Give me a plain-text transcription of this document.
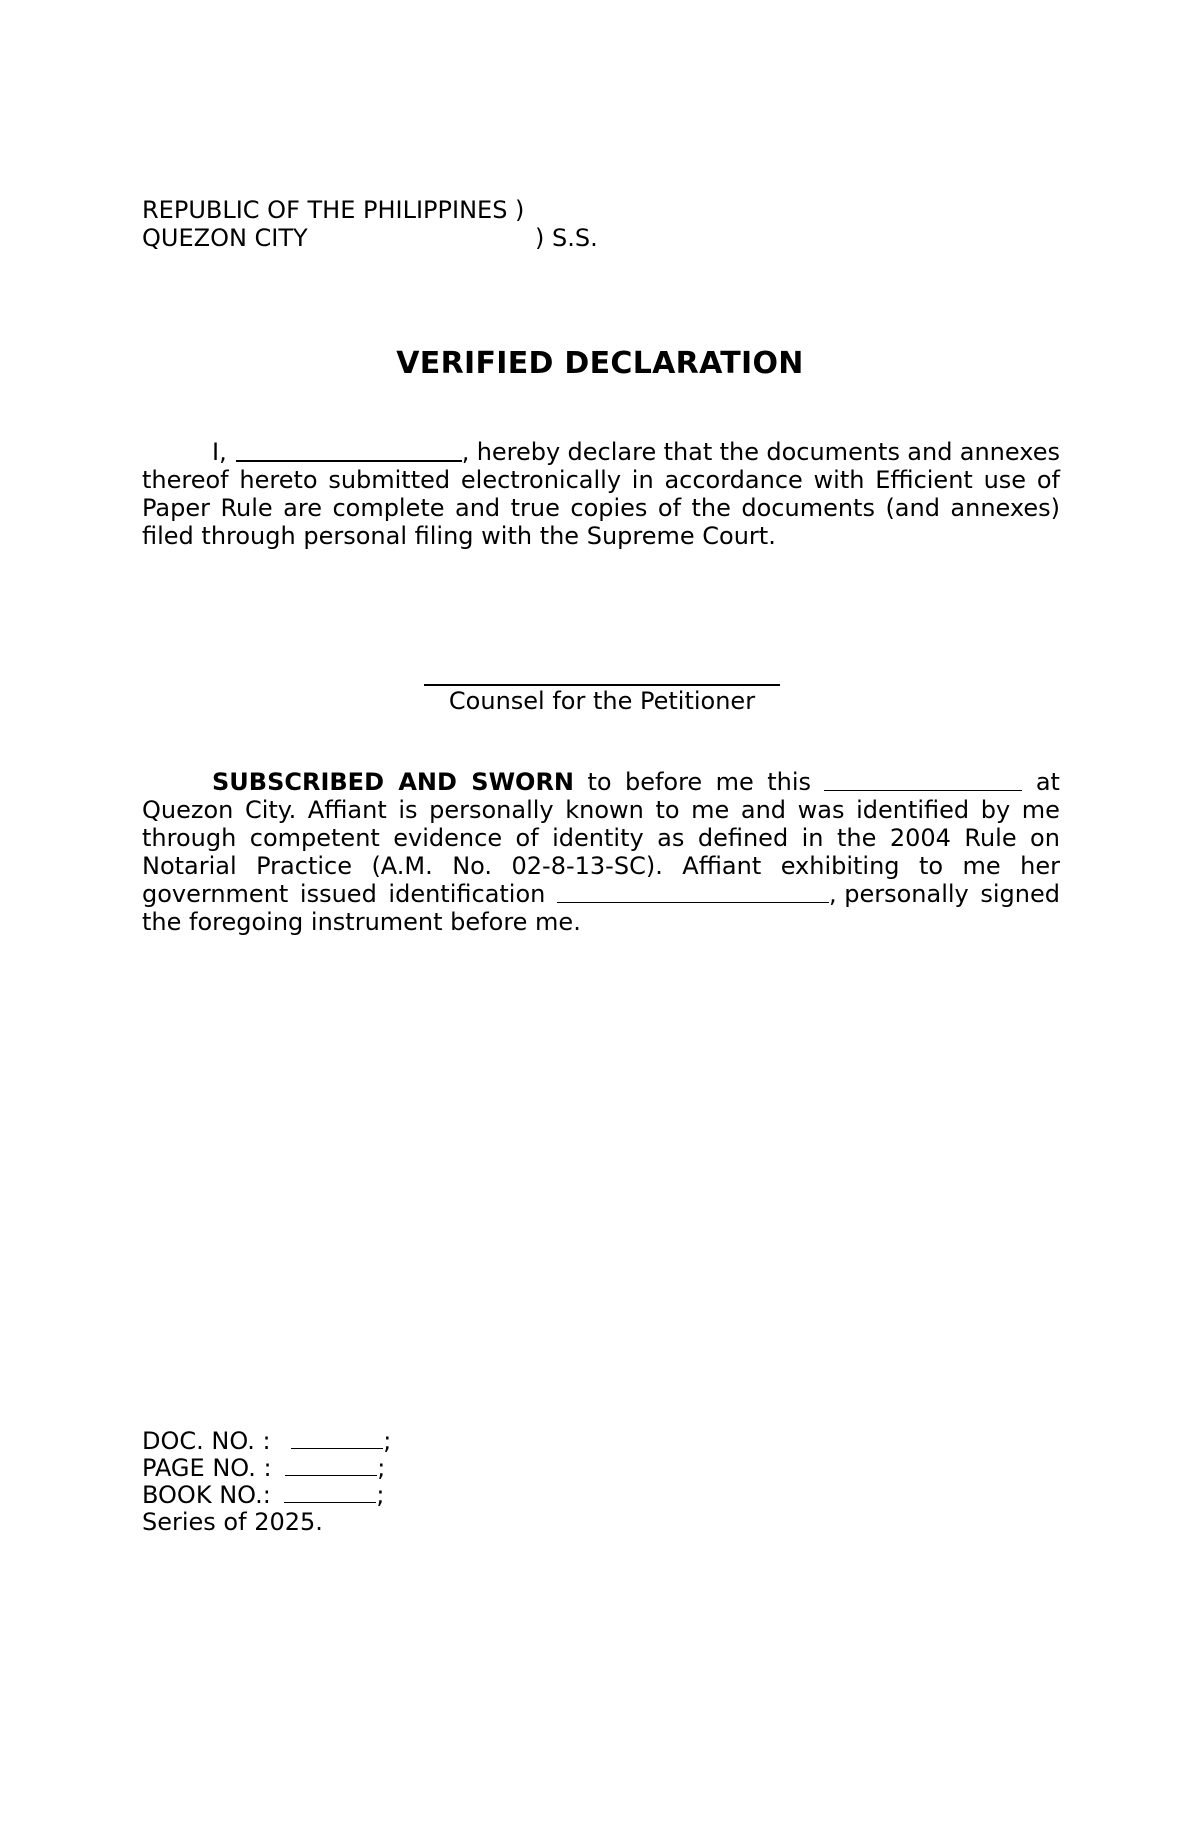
REPUBLIC OF THE PHILIPPINES )
QUEZON CITY	) S.S.
VERIFIED DECLARATION
I,	, hereby declare that the documents and annexes
thereof hereto submitted electronically in accordance with Efficient use of
Paper Rule are complete and true copies of the documents (and annexes)
filed through personal filing with the Supreme Court.
Counsel for the Petitioner
SUBSCRIBED AND SWORN to before me this	at
Quezon City. Affiant is personally known to me and was identified by me
through competent evidence of identity as defined in the 2004 Rule on
Notarial Practice (A.M. No. 02-8-13-SC). Affiant exhibiting to me her
government issued identification	, personally signed
the foregoing instrument before me.
DOC. NO. :	;
PAGE NO. :	;
BOOK NO.:	;
Series of 2025.
